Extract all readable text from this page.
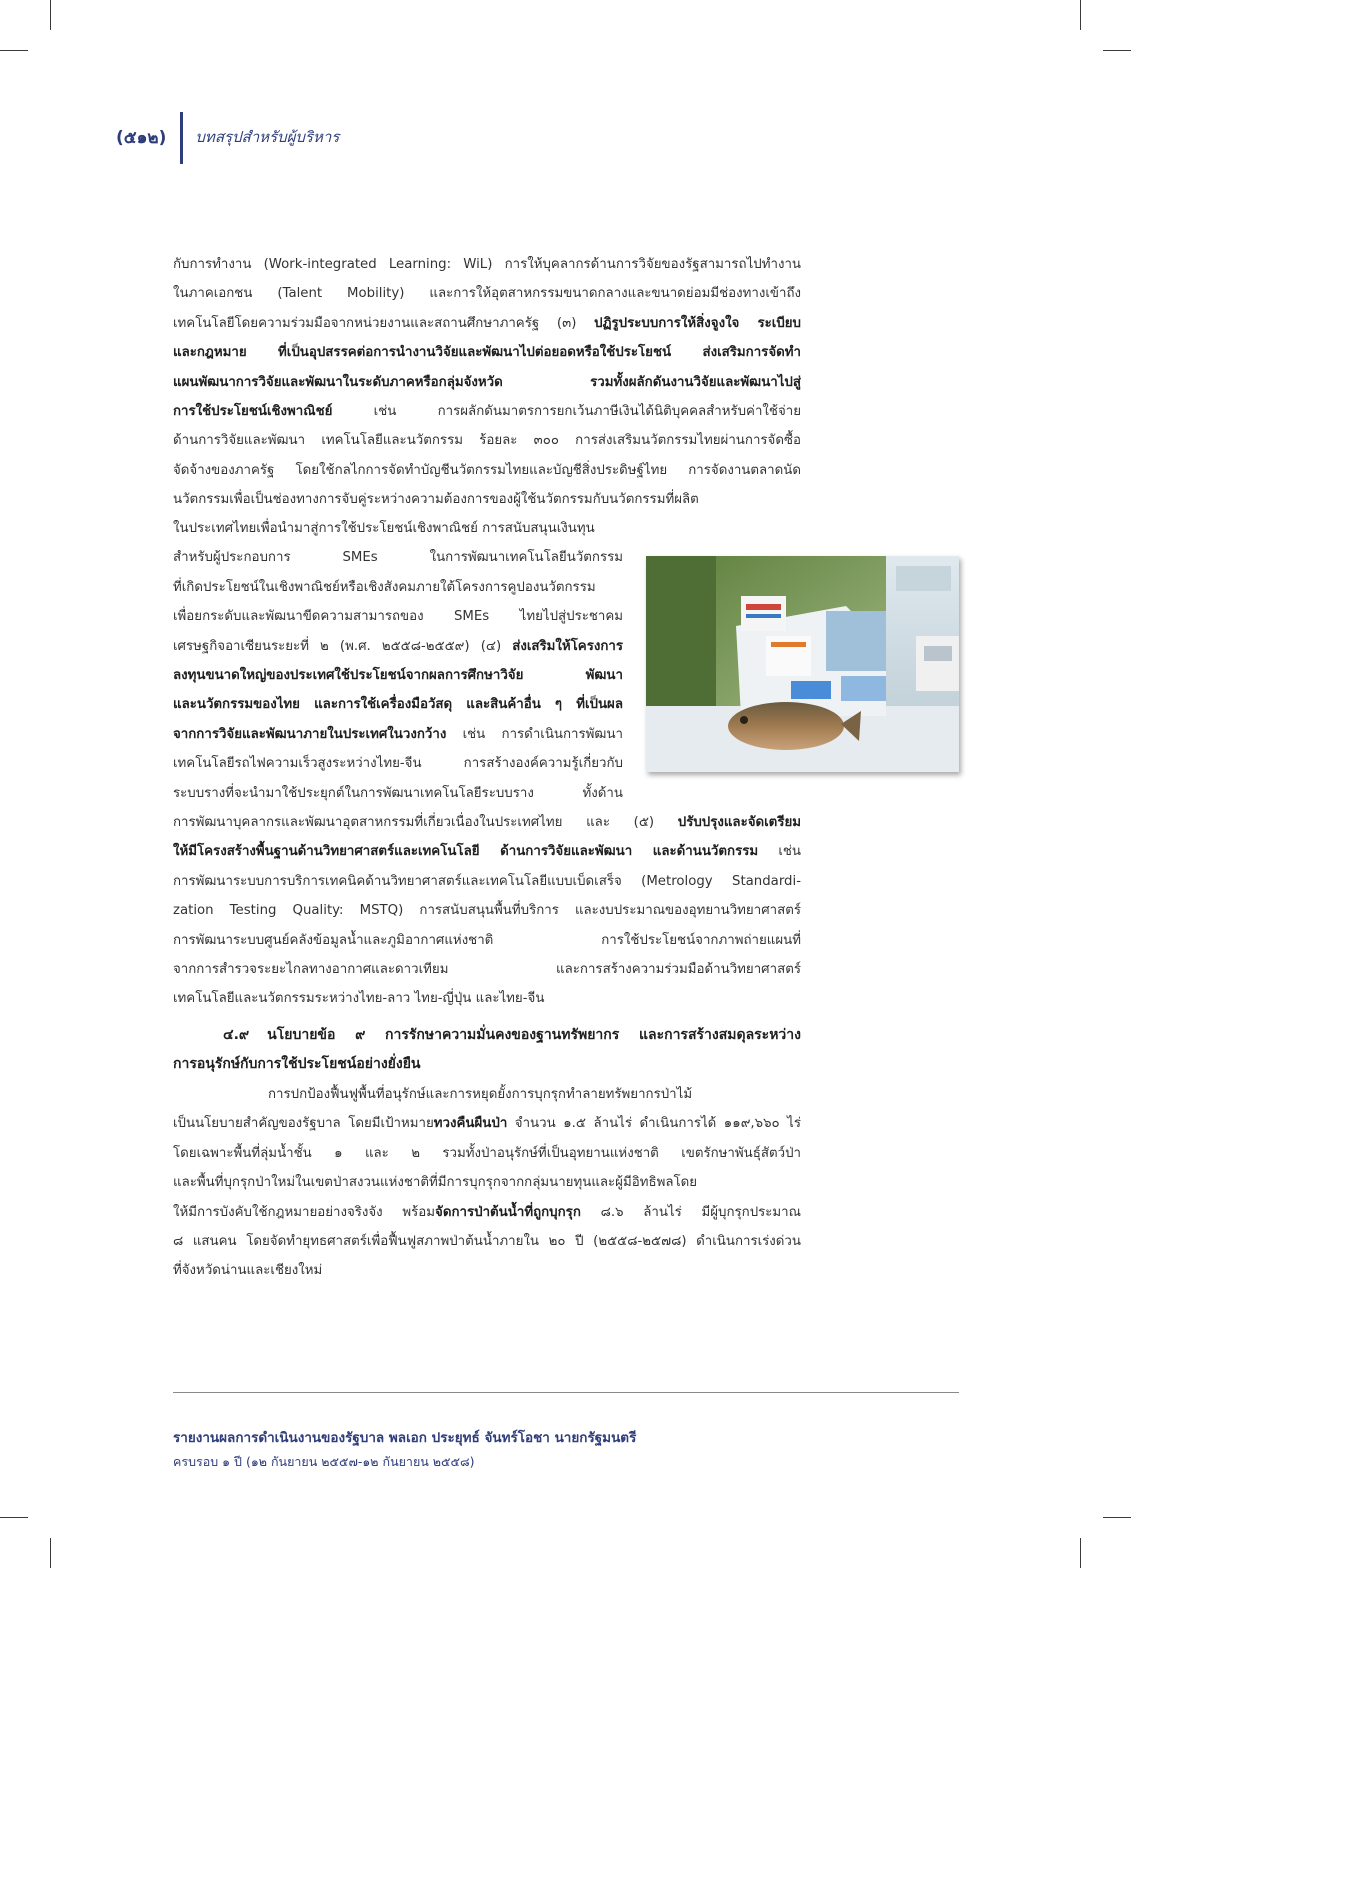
(๕๑๒) บทสรุปสำหรับผู้บริหาร
กับการทำงาน (Work-integrated Learning: WiL) การให้บุคลากรด้านการวิจัยของรัฐสามารถไปทำงาน
ในภาคเอกชน (Talent Mobility) และการให้อุตสาหกรรมขนาดกลางและขนาดย่อมมีช่องทางเข้าถึง
เทคโนโลยีโดยความร่วมมือจากหน่วยงานและสถานศึกษาภาครัฐ (๓) ปฏิรูประบบการให้สิ่งจูงใจ ระเบียบ
และกฎหมาย ที่เป็นอุปสรรคต่อการนำงานวิจัยและพัฒนาไปต่อยอดหรือใช้ประโยชน์ ส่งเสริมการจัดทำ
แผนพัฒนาการวิจัยและพัฒนาในระดับภาคหรือกลุ่มจังหวัด รวมทั้งผลักดันงานวิจัยและพัฒนาไปสู่
การใช้ประโยชน์เชิงพาณิชย์ เช่น การผลักดันมาตรการยกเว้นภาษีเงินได้นิติบุคคลสำหรับค่าใช้จ่าย
ด้านการวิจัยและพัฒนา เทคโนโลยีและนวัตกรรม ร้อยละ ๓๐๐ การส่งเสริมนวัตกรรมไทยผ่านการจัดซื้อ
จัดจ้างของภาครัฐ โดยใช้กลไกการจัดทำบัญชีนวัตกรรมไทยและบัญชีสิ่งประดิษฐ์ไทย การจัดงานตลาดนัด
นวัตกรรมเพื่อเป็นช่องทางการจับคู่ระหว่างความต้องการของผู้ใช้นวัตกรรมกับนวัตกรรมที่ผลิต
ในประเทศไทยเพื่อนำมาสู่การใช้ประโยชน์เชิงพาณิชย์ การสนับสนุนเงินทุน
สำหรับผู้ประกอบการ SMEs ในการพัฒนาเทคโนโลยีนวัตกรรม
ที่เกิดประโยชน์ในเชิงพาณิชย์หรือเชิงสังคมภายใต้โครงการคูปองนวัตกรรม
เพื่อยกระดับและพัฒนาขีดความสามารถของ SMEs ไทยไปสู่ประชาคม
เศรษฐกิจอาเซียนระยะที่ ๒ (พ.ศ. ๒๕๕๘-๒๕๕๙) (๔) ส่งเสริมให้โครงการ
ลงทุนขนาดใหญ่ของประเทศใช้ประโยชน์จากผลการศึกษาวิจัย พัฒนา
และนวัตกรรมของไทย และการใช้เครื่องมือวัสดุ และสินค้าอื่น ๆ ที่เป็นผล
จากการวิจัยและพัฒนาภายในประเทศในวงกว้าง เช่น การดำเนินการพัฒนา
เทคโนโลยีรถไฟความเร็วสูงระหว่างไทย-จีน การสร้างองค์ความรู้เกี่ยวกับ
ระบบรางที่จะนำมาใช้ประยุกต์ในการพัฒนาเทคโนโลยีระบบราง ทั้งด้าน
การพัฒนาบุคลากรและพัฒนาอุตสาหกรรมที่เกี่ยวเนื่องในประเทศไทย และ (๕) ปรับปรุงและจัดเตรียม
ให้มีโครงสร้างพื้นฐานด้านวิทยาศาสตร์และเทคโนโลยี ด้านการวิจัยและพัฒนา และด้านนวัตกรรม เช่น
การพัฒนาระบบการบริการเทคนิคด้านวิทยาศาสตร์และเทคโนโลยีแบบเบ็ดเสร็จ (Metrology Standardi-
zation Testing Quality: MSTQ) การสนับสนุนพื้นที่บริการ และงบประมาณของอุทยานวิทยาศาสตร์
การพัฒนาระบบศูนย์คลังข้อมูลน้ำและภูมิอากาศแห่งชาติ การใช้ประโยชน์จากภาพถ่ายแผนที่
จากการสำรวจระยะไกลทางอากาศและดาวเทียม และการสร้างความร่วมมือด้านวิทยาศาสตร์
เทคโนโลยีและนวัตกรรมระหว่างไทย-ลาว ไทย-ญี่ปุ่น และไทย-จีน
๔.๙ นโยบายข้อ ๙ การรักษาความมั่นคงของฐานทรัพยากร และการสร้างสมดุลระหว่าง
การอนุรักษ์กับการใช้ประโยชน์อย่างยั่งยืน
การปกป้องฟื้นฟูพื้นที่อนุรักษ์และการหยุดยั้งการบุกรุกทำลายทรัพยากรป่าไม้
เป็นนโยบายสำคัญของรัฐบาล โดยมีเป้าหมายทวงคืนผืนป่า จำนวน ๑.๕ ล้านไร่ ดำเนินการได้ ๑๑๙,๖๖๐ ไร่
โดยเฉพาะพื้นที่ลุ่มน้ำชั้น ๑ และ ๒ รวมทั้งป่าอนุรักษ์ที่เป็นอุทยานแห่งชาติ เขตรักษาพันธุ์สัตว์ป่า
และพื้นที่บุกรุกป่าใหม่ในเขตป่าสงวนแห่งชาติที่มีการบุกรุกจากกลุ่มนายทุนและผู้มีอิทธิพลโดย
ให้มีการบังคับใช้กฎหมายอย่างจริงจัง พร้อมจัดการป่าต้นน้ำที่ถูกบุกรุก ๘.๖ ล้านไร่ มีผู้บุกรุกประมาณ
๘ แสนคน โดยจัดทำยุทธศาสตร์เพื่อฟื้นฟูสภาพป่าต้นน้ำภายใน ๒๐ ปี (๒๕๕๘-๒๕๗๘) ดำเนินการเร่งด่วน
ที่จังหวัดน่านและเชียงใหม่
รายงานผลการดำเนินงานของรัฐบาล พลเอก ประยุทธ์ จันทร์โอชา นายกรัฐมนตรี
ครบรอบ ๑ ปี (๑๒ กันยายน ๒๕๕๗-๑๒ กันยายน ๒๕๕๘)
